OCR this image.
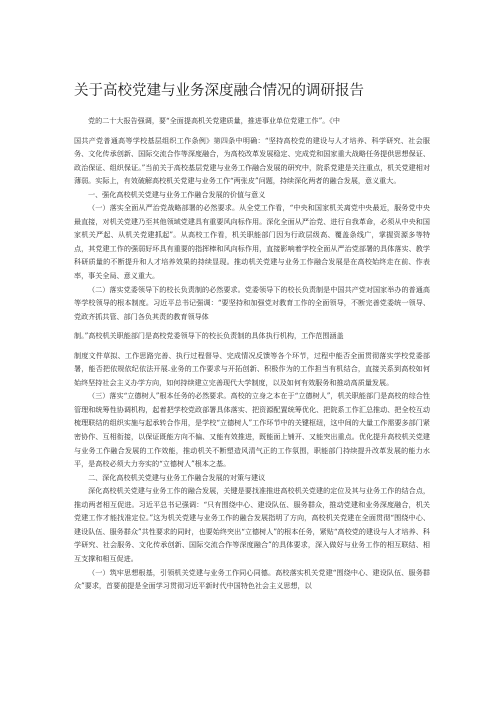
关于高校党建与业务深度融合情况的调研报告

党的二十大报告强调，要“全面提高机关党建质量，推进事业单位党建工作”。《中

国共产党普通高等学校基层组织工作条例》第四条中明确：“坚持高校党的建设与人才培养、科学研究、社会服务、文化传承创新、国际交流合作等深度融合，为高校改革发展稳定、完成党和国家重大战略任务提供思想保证、政治保证、组织保证。”当前关于高校基层党建与业务工作融合发展的研究中，院系党建是关注重点，机关党建相对薄弱。实际上，有效破解高校机关党建与业务工作“两张皮”问题，持续深化两者的融合发展，意义重大。

一、强化高校机关党建与业务工作融合发展的价值与意义

（一）落实全面从严治党战略部署的必然要求。从全党工作看，“中央和国家机关离党中央最近，服务党中央最直接，对机关党建乃至其他领域党建具有重要风向标作用。深化全面从严治党、进行自我革命，必须从中央和国家机关严起、从机关党建抓起”。从高校工作看，机关职能部门因为行政层级高、覆盖条线广，掌握资源多等特点，其党建工作的强弱好坏具有重要的指挥棒和风向标作用，直接影响着学校全面从严治党部署的具体落实、教学科研质量的不断提升和人才培养效果的持续显现。推动机关党建与业务工作融合发展是在高校始终走在前、作表率，事关全局、意义重大。

（二）落实党委领导下的校长负责制的必然要求。党委领导下的校长负责制是中国共产党对国家举办的普通高等学校领导的根本制度。习近平总书记强调：“要坚持和加强党对教育工作的全面领导，不断完善党委统一领导、党政齐抓共管、部门各负其责的教育领导体

制。”高校机关职能部门是高校党委领导下的校长负责制的具体执行机构，工作范围涵盖

制度文件草拟、工作思路完善、执行过程督导、完成情况反馈等各个环节，过程中能否全面贯彻落实学校党委部署，能否把依规依纪依法开展.业务的工作要求与开拓创新、积极作为的工作担当有机结合，直接关系到高校如何始终坚持社会主义办学方向，如何持续建立完善现代大学制度，以及如何有效服务和推动高质量发展。

（三）落实“立德树人”根本任务的必然要求。高校的立身之本在于“立德树人”，机关职能部门是高校的综合性管理和统筹性协调机构，起着把学校党政部署具体落实、把资源配置统筹优化、把院系工作汇总推动、把全校互动梳理联结的组织实施与起承转合作用，是学校“立德树人”工作环节中的关键枢纽，这中间的大量工作需要多部门紧密协作、互相衔接，以保证既能方向不偏、又能有效推进，既能面上铺开、又能突出重点。优化提升高校机关党建与业务工作融合发展的工作效能，推动机关不断塑造风清气正的工作氛围，职能部门持续提升改革发展的能力水平，是高校必须大力夯实的“立德树人”根本之基。

二、深化高校机关党建与业务工作融合发展的对策与建议

深化高校机关党建与业务工作的融合发展，关键是要找准推进高校机关党建的定位及其与业务工作的结合点，推动两者相互促进。习近平总书记强调：“只有围绕中心、建设队伍、服务群众，推动党建和业务深度融合，机关党建工作才能找准定位。”这为机关党建与业务工作的融合发展指明了方向，高校机关党建在全面贯彻“围绕中心、建设队伍、服务群众”共性要求的同时，也要始终突出“立德树人”的根本任务，紧贴“高校党的建设与人才培养、科学研究、社会服务、文化传承创新、国际交流合作等深度融合”的具体要求，深入做好与业务工作的相互联结、相互支撑和相互促进。

（一）筑牢思想根基，引领机关党建与业务工作同心同德。高校落实机关党建“围绕中心、建设队伍、服务群众”要求，首要前提是全面学习贯彻习近平新时代中国特色社会主义思想，以
